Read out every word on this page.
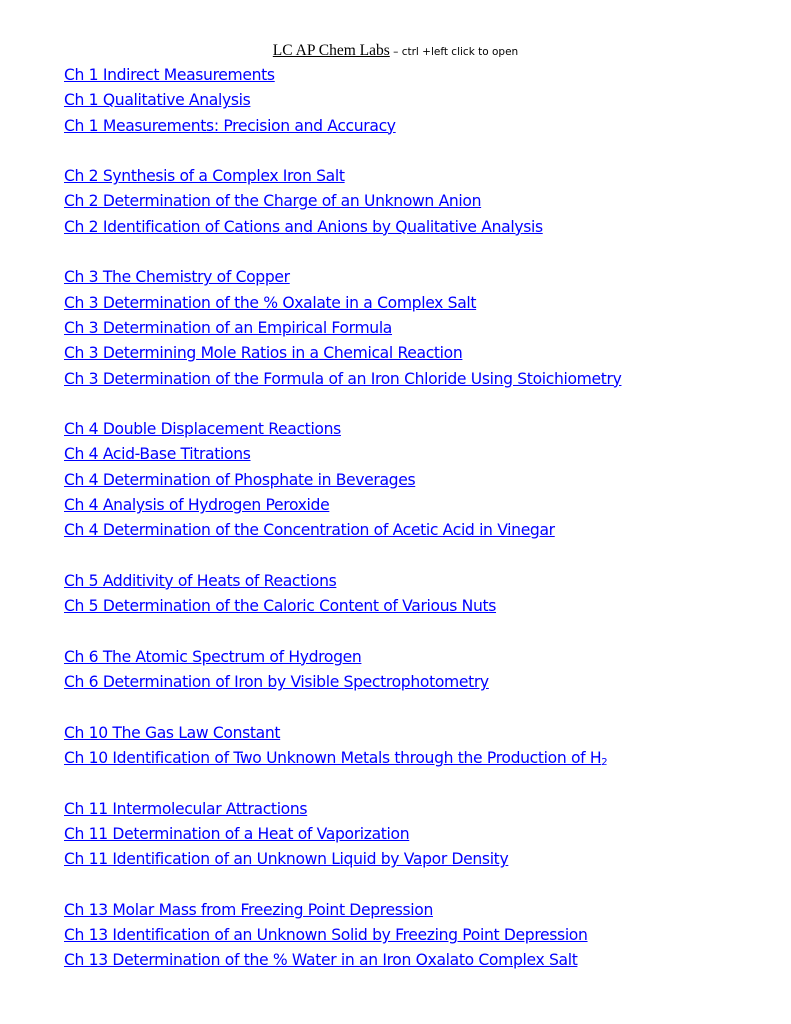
LC AP Chem Labs – ctrl +left click to open
Ch 1 Indirect Measurements
Ch 1 Qualitative Analysis
Ch 1 Measurements: Precision and Accuracy
Ch 2 Synthesis of a Complex Iron Salt
Ch 2 Determination of the Charge of an Unknown Anion
Ch 2 Identification of Cations and Anions by Qualitative Analysis
Ch 3 The Chemistry of Copper
Ch 3 Determination of the % Oxalate in a Complex Salt
Ch 3 Determination of an Empirical Formula
Ch 3 Determining Mole Ratios in a Chemical Reaction
Ch 3 Determination of the Formula of an Iron Chloride Using Stoichiometry
Ch 4 Double Displacement Reactions
Ch 4 Acid-Base Titrations
Ch 4 Determination of Phosphate in Beverages
Ch 4 Analysis of Hydrogen Peroxide
Ch 4 Determination of the Concentration of Acetic Acid in Vinegar
Ch 5 Additivity of Heats of Reactions
Ch 5 Determination of the Caloric Content of Various Nuts
Ch 6 The Atomic Spectrum of Hydrogen
Ch 6 Determination of Iron by Visible Spectrophotometry
Ch 10 The Gas Law Constant
Ch 10 Identification of Two Unknown Metals through the Production of $H_2$
Ch 11 Intermolecular Attractions
Ch 11 Determination of a Heat of Vaporization
Ch 11 Identification of an Unknown Liquid by Vapor Density
Ch 13 Molar Mass from Freezing Point Depression
Ch 13 Identification of an Unknown Solid by Freezing Point Depression
Ch 13 Determination of the % Water in an Iron Oxalato Complex Salt
